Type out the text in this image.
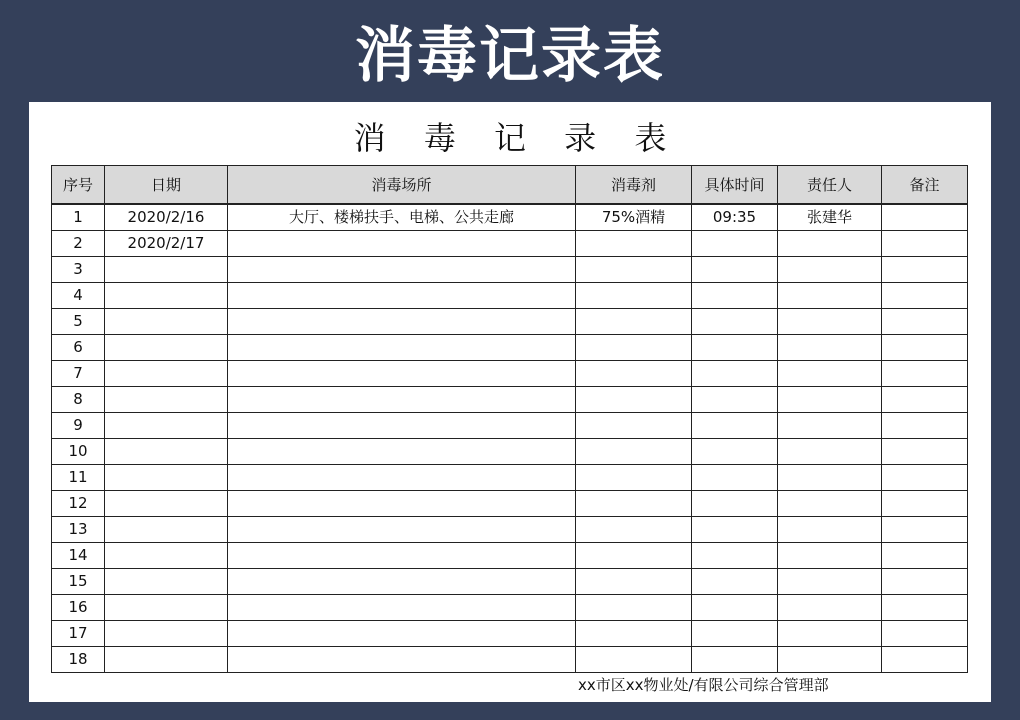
消毒记录表
消 毒 记 录 表
序号	日期	消毒场所	消毒剂	具体时间	责任人	备注
1	2020/2/16	大厅、楼梯扶手、电梯、公共走廊	75%酒精	09:35	张建华	
2	2020/2/17					
3						
4						
5						
6						
7						
8						
9						
10						
11						
12						
13						
14						
15						
16						
17						
18						
xx市区xx物业处/有限公司综合管理部
